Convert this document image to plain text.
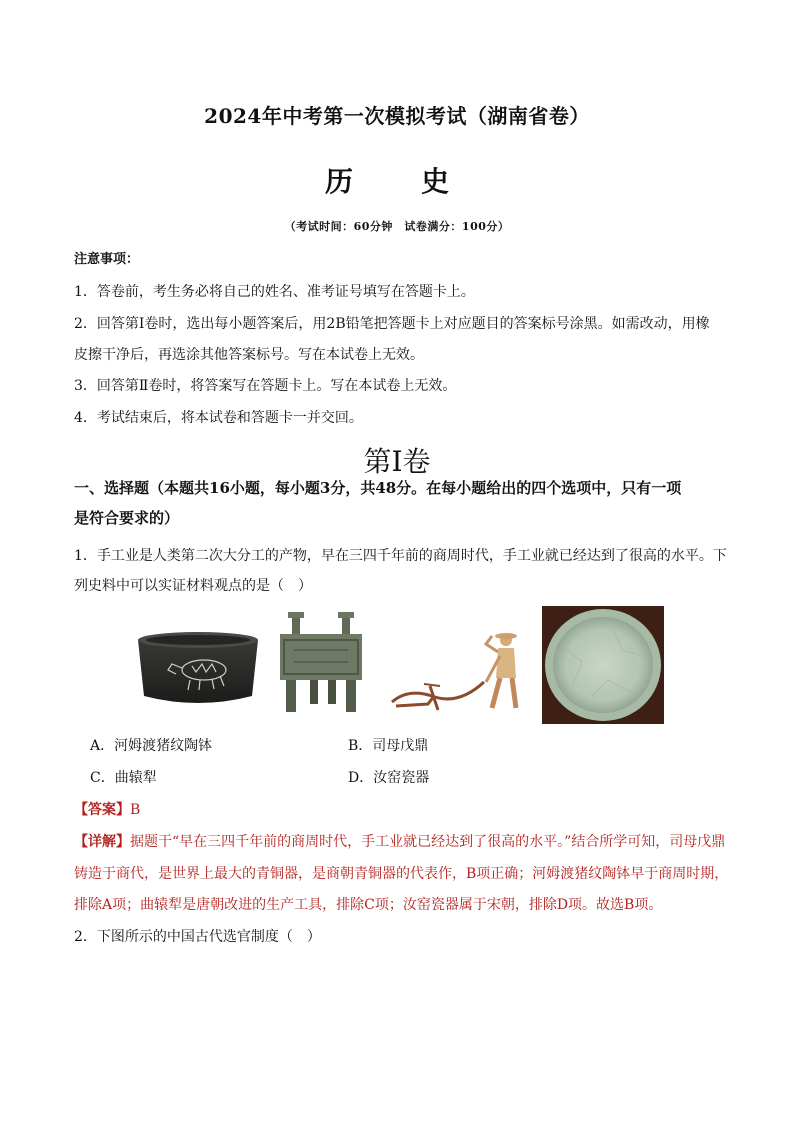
2024年中考第一次模拟考试（湖南省卷）
历　史
（考试时间：60分钟　试卷满分：100分）
注意事项：
1．答卷前，考生务必将自己的姓名、准考证号填写在答题卡上。
2．回答第Ⅰ卷时，选出每小题答案后，用2B铅笔把答题卡上对应题目的答案标号涂黑。如需改动，用橡
皮擦干净后，再选涂其他答案标号。写在本试卷上无效。
3．回答第Ⅱ卷时，将答案写在答题卡上。写在本试卷上无效。
4．考试结束后，将本试卷和答题卡一并交回。
第Ⅰ卷
一、选择题（本题共16小题，每小题3分，共48分。在每小题给出的四个选项中，只有一项
是符合要求的）
1．手工业是人类第二次大分工的产物，早在三四千年前的商周时代，手工业就已经达到了很高的水平。下
列史料中可以实证材料观点的是（　）
A．河姆渡猪纹陶钵	B．司母戊鼎
C．曲辕犁	D．汝窑瓷器
【答案】B
【详解】据题干“早在三四千年前的商周时代，手工业就已经达到了很高的水平。”结合所学可知，司母戊鼎
铸造于商代，是世界上最大的青铜器，是商朝青铜器的代表作，B项正确；河姆渡猪纹陶钵早于商周时期，
排除A项；曲辕犁是唐朝改进的生产工具，排除C项；汝窑瓷器属于宋朝，排除D项。故选B项。
2．下图所示的中国古代选官制度（　）
